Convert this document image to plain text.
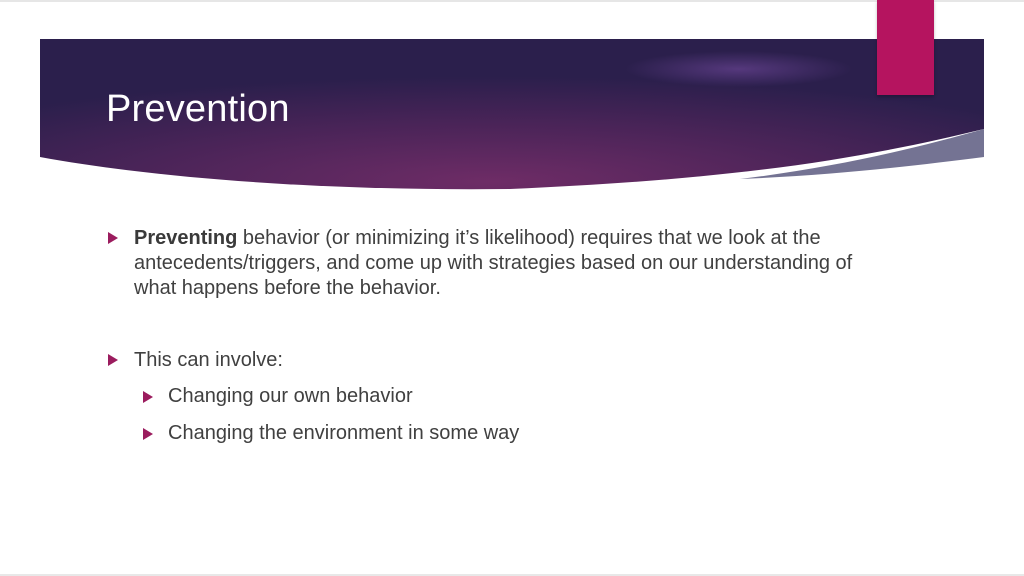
Prevention
Preventing behavior (or minimizing it’s likelihood) requires that we look at the antecedents/triggers, and come up with strategies based on our understanding of what happens before the behavior.
This can involve:
Changing our own behavior
Changing the environment in some way
